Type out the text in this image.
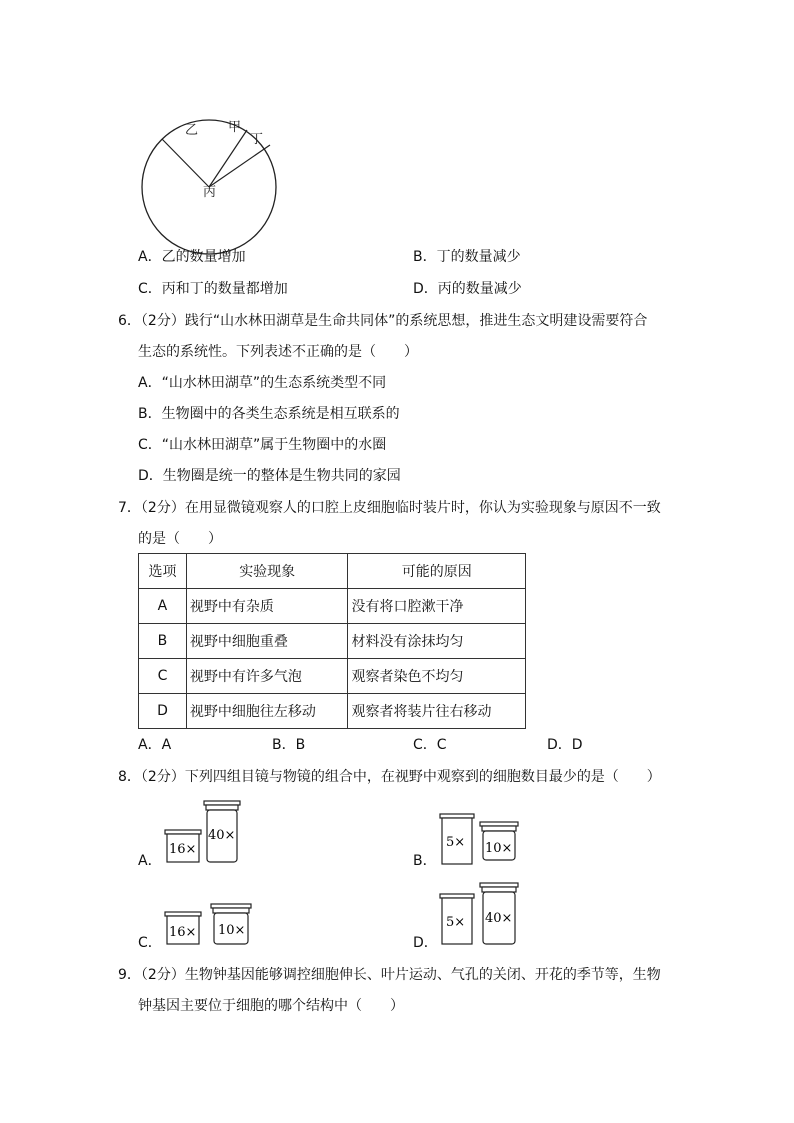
乙 甲
丁
丙
A．乙的数量增加	B．丁的数量减少
C．丙和丁的数量都增加	D．丙的数量减少
6．（2分）践行“山水林田湖草是生命共同体”的系统思想，推进生态文明建设需要符合
生态的系统性。下列表述不正确的是（　　）
A．“山水林田湖草”的生态系统类型不同
B．生物圈中的各类生态系统是相互联系的
C．“山水林田湖草”属于生物圈中的水圈
D．生物圈是统一的整体是生物共同的家园
7．（2分）在用显微镜观察人的口腔上皮细胞临时装片时，你认为实验现象与原因不一致
的是（　　）
选项	实验现象	可能的原因
A	视野中有杂质	没有将口腔漱干净
B	视野中细胞重叠	材料没有涂抹均匀
C	视野中有许多气泡	观察者染色不均匀
D	视野中细胞往左移动	观察者将装片往右移动
A．A	B．B	C．C	D．D
8．（2分）下列四组目镜与物镜的组合中，在视野中观察到的细胞数目最少的是（　　）
A．
16×
40×
B．
5× 10×
C．
16× 10×
D．
5× 40×
9．（2分）生物钟基因能够调控细胞伸长、叶片运动、气孔的关闭、开花的季节等，生物
钟基因主要位于细胞的哪个结构中（　　）
